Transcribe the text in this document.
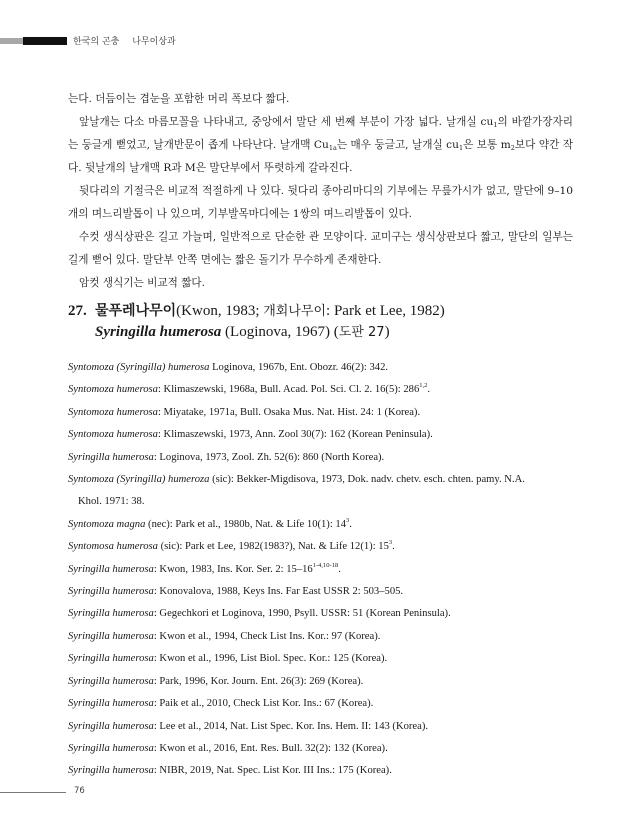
한국의 곤충 나무이상과

는다. 더듬이는 겹눈을 포함한 머리 폭보다 짧다.

앞날개는 다소 마름모꼴을 나타내고, 중앙에서 말단 세 번째 부분이 가장 넓다. 날개실 $cu_1$의 바깥가장자리는 둥글게 뻗었고, 날개반문이 좁게 나타난다. 날개맥 $Cu_{1a}$는 매우 둥글고, 날개실 $cu_1$은 보통 $m_2$보다 약간 작다. 뒷날개의 날개맥 R과 M은 말단부에서 뚜렷하게 갈라진다.

뒷다리의 기절극은 비교적 적절하게 나 있다. 뒷다리 종아리마디의 기부에는 무릎가시가 없고, 말단에 9–10개의 며느리발톱이 나 있으며, 기부발목마디에는 1쌍의 며느리발톱이 있다.

수컷 생식상판은 길고 가늘며, 일반적으로 단순한 관 모양이다. 교미구는 생식상판보다 짧고, 말단의 일부는 길게 뻗어 있다. 말단부 안쪽 면에는 짧은 돌기가 무수하게 존재한다.

암컷 생식기는 비교적 짧다.

27. 물푸레나무이(Kwon, 1983; 개회나무이: Park et Lee, 1982)
Syringilla humerosa (Loginova, 1967) (도판 27)
Syntomoza (Syringilla) humerosa Loginova, 1967b, Ent. Obozr. 46(2): 342.
Syntomoza humerosa: Klimaszewski, 1968a, Bull. Acad. Pol. Sci. Cl. 2. 16(5): 286$^{1,2}$.
Syntomoza humerosa: Miyatake, 1971a, Bull. Osaka Mus. Nat. Hist. 24: 1 (Korea).
Syntomoza humerosa: Klimaszewski, 1973, Ann. Zool 30(7): 162 (Korean Peninsula).
Syringilla humerosa: Loginova, 1973, Zool. Zh. 52(6): 860 (North Korea).
Syntomoza (Syringilla) humeroza (sic): Bekker-Migdisova, 1973, Dok. nadv. chetv. esch. chten. pamy. N.A.
Khol. 1971: 38.
Syntomoza magna (nec): Park et al., 1980b, Nat. & Life 10(1): $14^3$.
Syntomosa humerosa (sic): Park et Lee, 1982(1983?), Nat. & Life 12(1): $15^3$.
Syringilla humerosa: Kwon, 1983, Ins. Kor. Ser. 2: 15–16$^{1-4,10-18}$.
Syringilla humerosa: Konovalova, 1988, Keys Ins. Far East USSR 2: 503–505.
Syringilla humerosa: Gegechkori et Loginova, 1990, Psyll. USSR: 51 (Korean Peninsula).
Syringilla humerosa: Kwon et al., 1994, Check List Ins. Kor.: 97 (Korea).
Syringilla humerosa: Kwon et al., 1996, List Biol. Spec. Kor.: 125 (Korea).
Syringilla humerosa: Park, 1996, Kor. Journ. Ent. 26(3): 269 (Korea).
Syringilla humerosa: Paik et al., 2010, Check List Kor. Ins.: 67 (Korea).
Syringilla humerosa: Lee et al., 2014, Nat. List Spec. Kor. Ins. Hem. II: 143 (Korea).
Syringilla humerosa: Kwon et al., 2016, Ent. Res. Bull. 32(2): 132 (Korea).
Syringilla humerosa: NIBR, 2019, Nat. Spec. List Kor. III Ins.: 175 (Korea).
76
